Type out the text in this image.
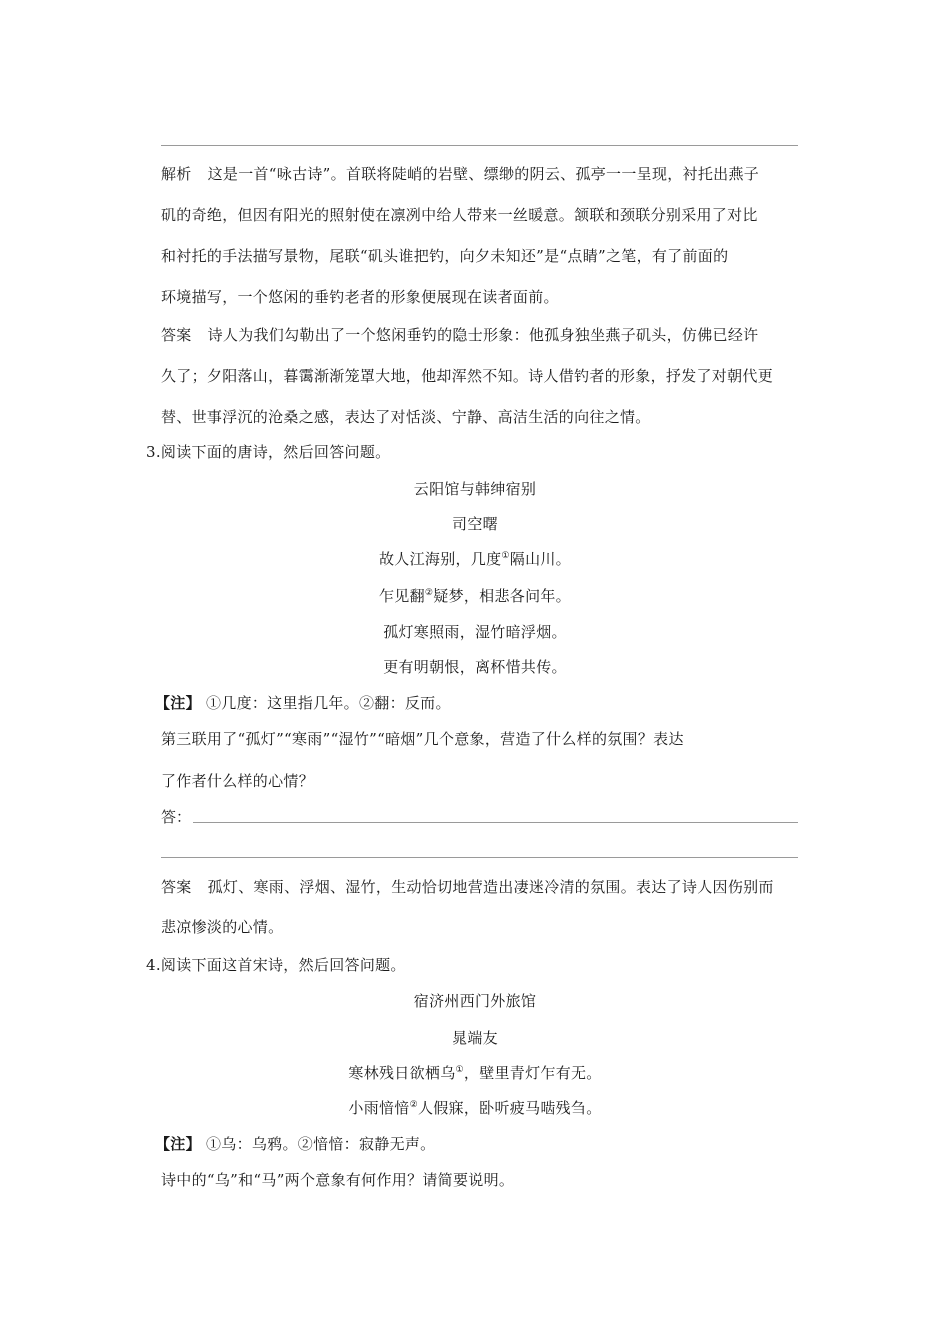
解析 这是一首“咏古诗”。首联将陡峭的岩壁、缥缈的阴云、孤亭一一呈现，衬托出燕子
矶的奇绝，但因有阳光的照射使在凛冽中给人带来一丝暖意。颔联和颈联分别采用了对比
和衬托的手法描写景物，尾联“矶头谁把钓，向夕未知还”是“点睛”之笔，有了前面的
环境描写，一个悠闲的垂钓老者的形象便展现在读者面前。
答案 诗人为我们勾勒出了一个悠闲垂钓的隐士形象：他孤身独坐燕子矶头，仿佛已经许
久了；夕阳落山，暮霭渐渐笼罩大地，他却浑然不知。诗人借钓者的形象，抒发了对朝代更
替、世事浮沉的沧桑之感，表达了对恬淡、宁静、高洁生活的向往之情。
3.阅读下面的唐诗，然后回答问题。
云阳馆与韩绅宿别
司空曙
故人江海别，几度①隔山川。
乍见翻②疑梦，相悲各问年。
孤灯寒照雨，湿竹暗浮烟。
更有明朝恨，离杯惜共传。
【注】 ①几度：这里指几年。②翻：反而。
第三联用了“孤灯”“寒雨”“湿竹”“暗烟”几个意象，营造了什么样的氛围？表达
了作者什么样的心情？
答：
答案 孤灯、寒雨、浮烟、湿竹，生动恰切地营造出凄迷冷清的氛围。表达了诗人因伤别而
悲凉惨淡的心情。
4.阅读下面这首宋诗，然后回答问题。
宿济州西门外旅馆
晁端友
寒林残日欲栖乌①，壁里青灯乍有无。
小雨愔愔②人假寐，卧听疲马啮残刍。
【注】 ①乌：乌鸦。②愔愔：寂静无声。
诗中的“乌”和“马”两个意象有何作用？请简要说明。
